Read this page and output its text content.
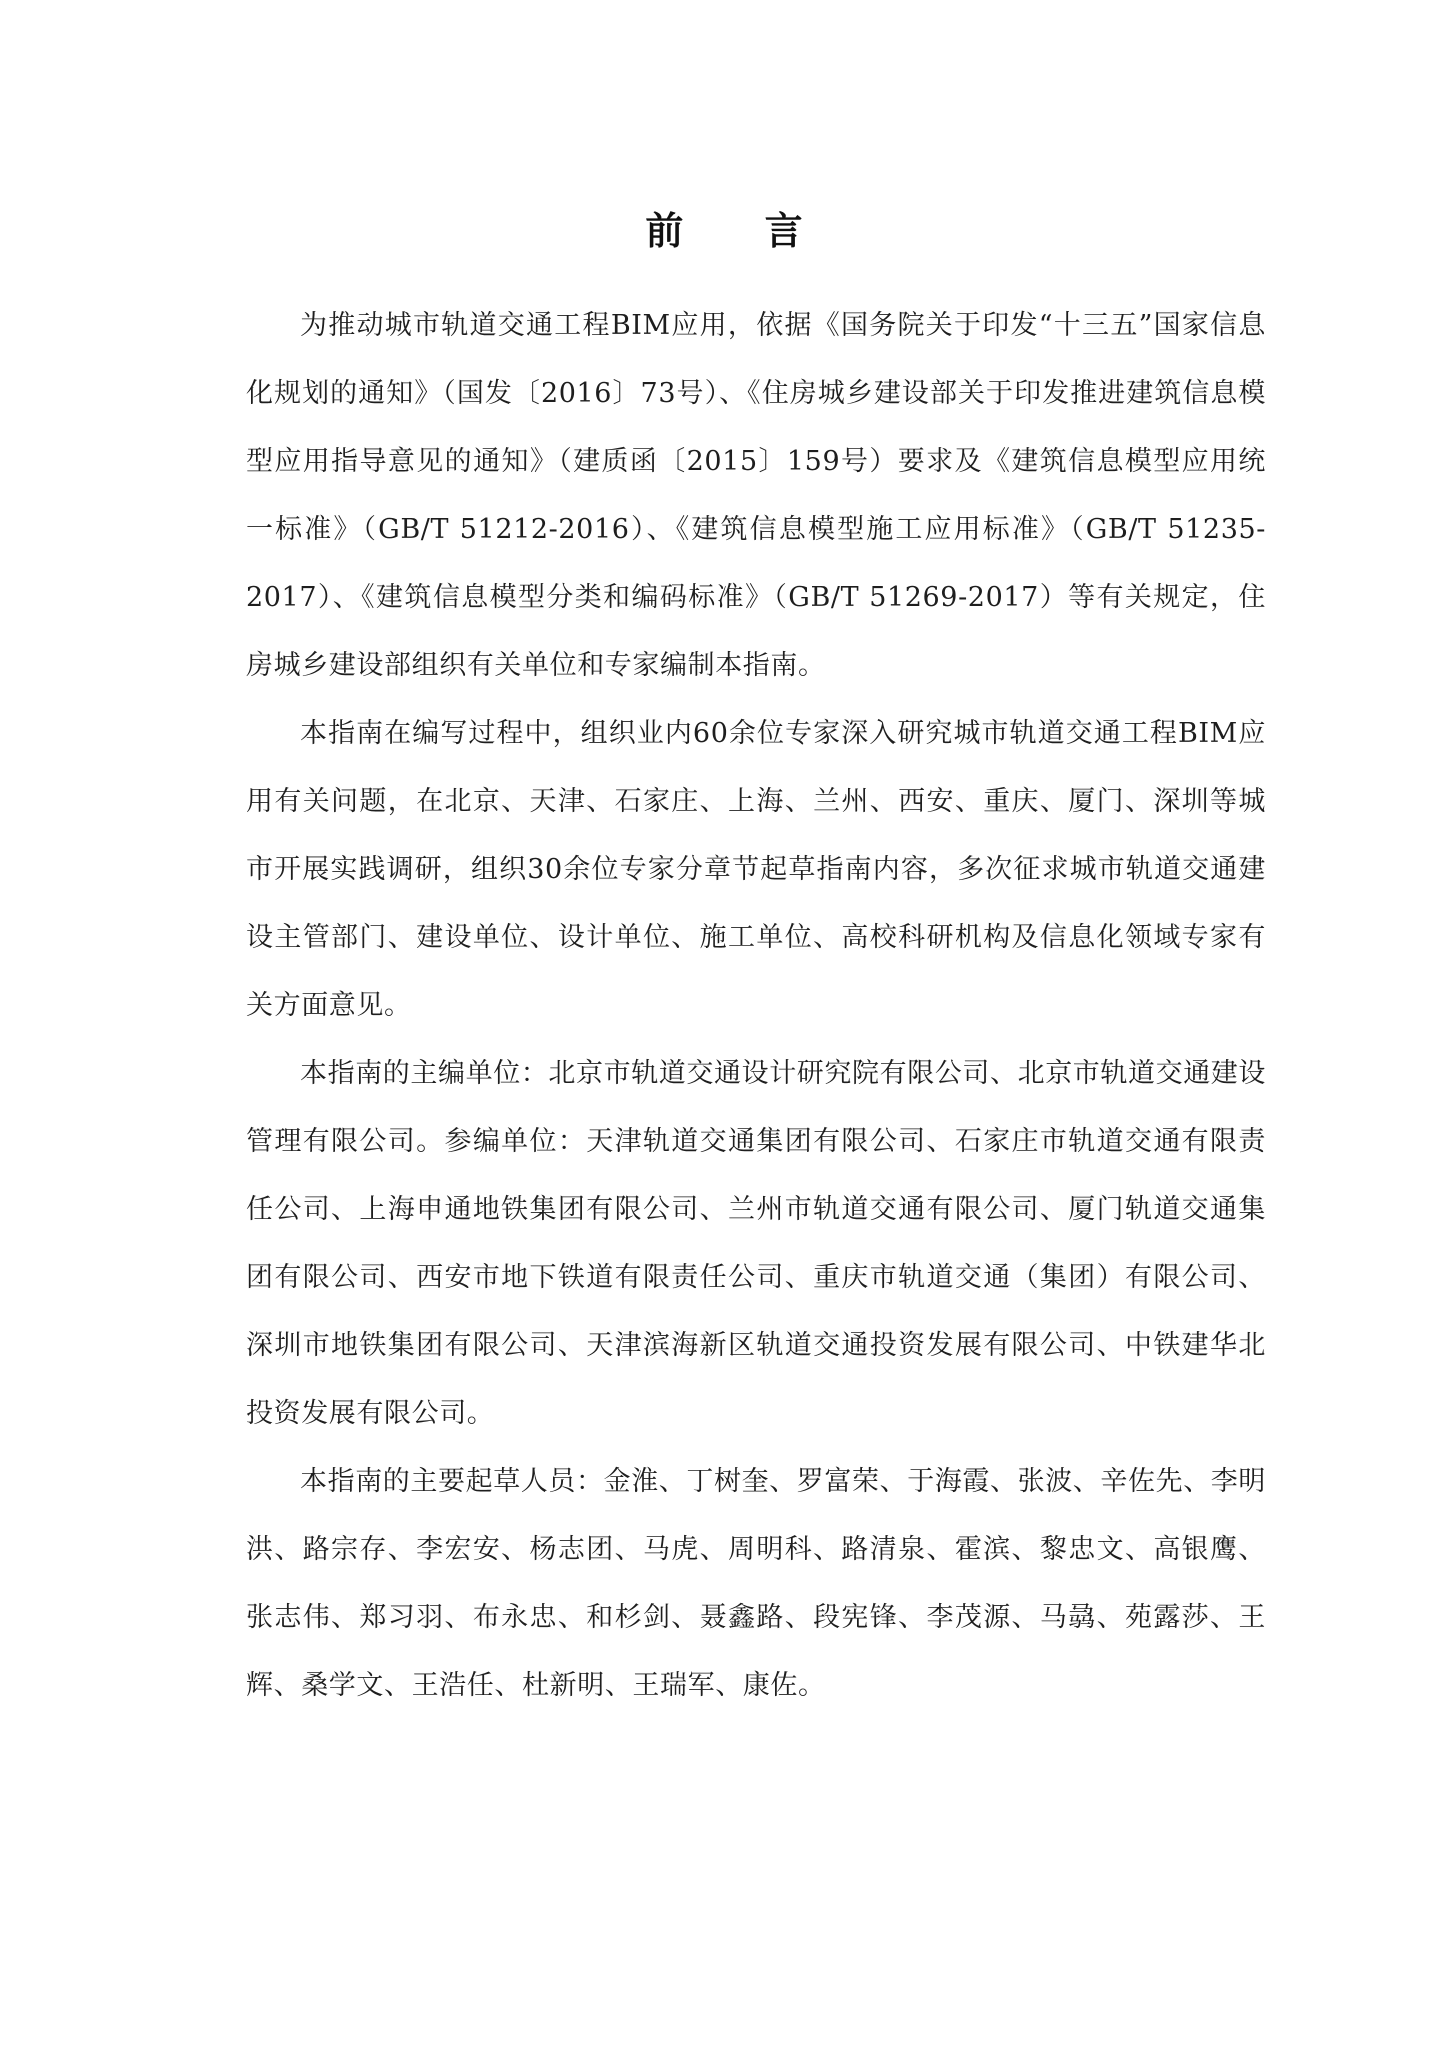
前 言

为推动城市轨道交通工程BIM应用，依据《国务院关于印发“十三五”国家信息化规划的通知》（国发〔2016〕73号）、《住房城乡建设部关于印发推进建筑信息模型应用指导意见的通知》（建质函〔2015〕159号）要求及《建筑信息模型应用统一标准》（GB/T 51212-2016）、《建筑信息模型施工应用标准》（GB/T 51235-2017）、《建筑信息模型分类和编码标准》（GB/T 51269-2017）等有关规定，住房城乡建设部组织有关单位和专家编制本指南。

本指南在编写过程中，组织业内60余位专家深入研究城市轨道交通工程BIM应用有关问题，在北京、天津、石家庄、上海、兰州、西安、重庆、厦门、深圳等城市开展实践调研，组织30余位专家分章节起草指南内容，多次征求城市轨道交通建设主管部门、建设单位、设计单位、施工单位、高校科研机构及信息化领域专家有关方面意见。

本指南的主编单位：北京市轨道交通设计研究院有限公司、北京市轨道交通建设管理有限公司。参编单位：天津轨道交通集团有限公司、石家庄市轨道交通有限责任公司、上海申通地铁集团有限公司、兰州市轨道交通有限公司、厦门轨道交通集团有限公司、西安市地下铁道有限责任公司、重庆市轨道交通（集团）有限公司、深圳市地铁集团有限公司、天津滨海新区轨道交通投资发展有限公司、中铁建华北投资发展有限公司。

本指南的主要起草人员：金淮、丁树奎、罗富荣、于海霞、张波、辛佐先、李明洪、路宗存、李宏安、杨志团、马虎、周明科、路清泉、霍滨、黎忠文、高银鹰、张志伟、郑习羽、布永忠、和杉剑、聂鑫路、段宪锋、李茂源、马骉、苑露莎、王辉、桑学文、王浩任、杜新明、王瑞军、康佐。
